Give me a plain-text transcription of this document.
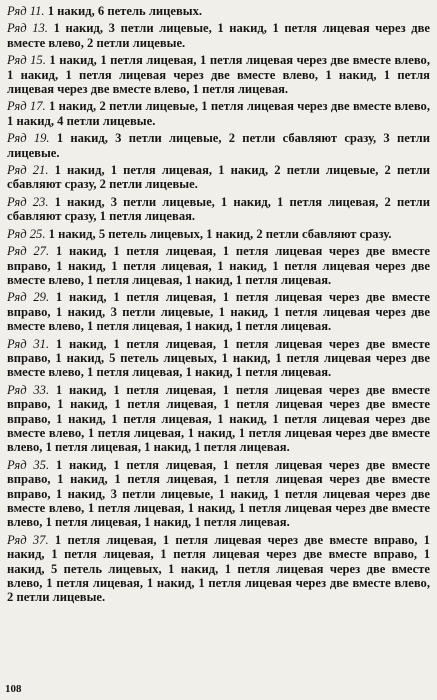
Ряд 11. 1 накид, 6 петель лицевых.

Ряд 13. 1 накид, 3 петли лицевые, 1 накид, 1 петля лицевая через две вместе влево, 2 петли лицевые.

Ряд 15. 1 накид, 1 петля лицевая, 1 петля лицевая через две вместе влево, 1 накид, 1 петля лицевая через две вместе влево, 1 накид, 1 петля лицевая через две вместе влево, 1 петля лицевая.

Ряд 17. 1 накид, 2 петли лицевые, 1 петля лицевая через две вместе влево, 1 накид, 4 петли лицевые.

Ряд 19. 1 накид, 3 петли лицевые, 2 петли сбавляют сразу, 3 петли лицевые.

Ряд 21. 1 накид, 1 петля лицевая, 1 накид, 2 петли лицевые, 2 петли сбавляют сразу, 2 петли лицевые.

Ряд 23. 1 накид, 3 петли лицевые, 1 накид, 1 петля лицевая, 2 петли сбавляют сразу, 1 петля лицевая.

Ряд 25. 1 накид, 5 петель лицевых, 1 накид, 2 петли сбавляют сразу.

Ряд 27. 1 накид, 1 петля лицевая, 1 петля лицевая через две вместе вправо, 1 накид, 1 петля лицевая, 1 накид, 1 петля лицевая через две вместе влево, 1 петля лицевая, 1 накид, 1 петля лицевая.

Ряд 29. 1 накид, 1 петля лицевая, 1 петля лицевая через две вместе вправо, 1 накид, 3 петли лицевые, 1 накид, 1 петля лицевая через две вместе влево, 1 петля лицевая, 1 накид, 1 петля лицевая.

Ряд 31. 1 накид, 1 петля лицевая, 1 петля лицевая через две вместе вправо, 1 накид, 5 петель лицевых, 1 накид, 1 петля лицевая через две вместе влево, 1 петля лицевая, 1 накид, 1 петля лицевая.

Ряд 33. 1 накид, 1 петля лицевая, 1 петля лицевая через две вместе вправо, 1 накид, 1 петля лицевая, 1 петля лицевая через две вместе вправо, 1 накид, 1 петля лицевая, 1 накид, 1 петля лицевая через две вместе влево, 1 петля лицевая, 1 накид, 1 петля лицевая через две вместе влево, 1 петля лицевая, 1 накид, 1 петля лицевая.

Ряд 35. 1 накид, 1 петля лицевая, 1 петля лицевая через две вместе вправо, 1 накид, 1 петля лицевая, 1 петля лицевая через две вместе вправо, 1 накид, 3 петли лицевые, 1 накид, 1 петля лицевая через две вместе влево, 1 петля лицевая, 1 накид, 1 петля лицевая через две вместе влево, 1 петля лицевая, 1 накид, 1 петля лицевая.

Ряд 37. 1 петля лицевая, 1 петля лицевая через две вместе вправо, 1 накид, 1 петля лицевая, 1 петля лицевая через две вместе вправо, 1 накид, 5 петель лицевых, 1 накид, 1 петля лицевая через две вместе влево, 1 петля лицевая, 1 накид, 1 петля лицевая через две вместе влево, 2 петли лицевые.

108
